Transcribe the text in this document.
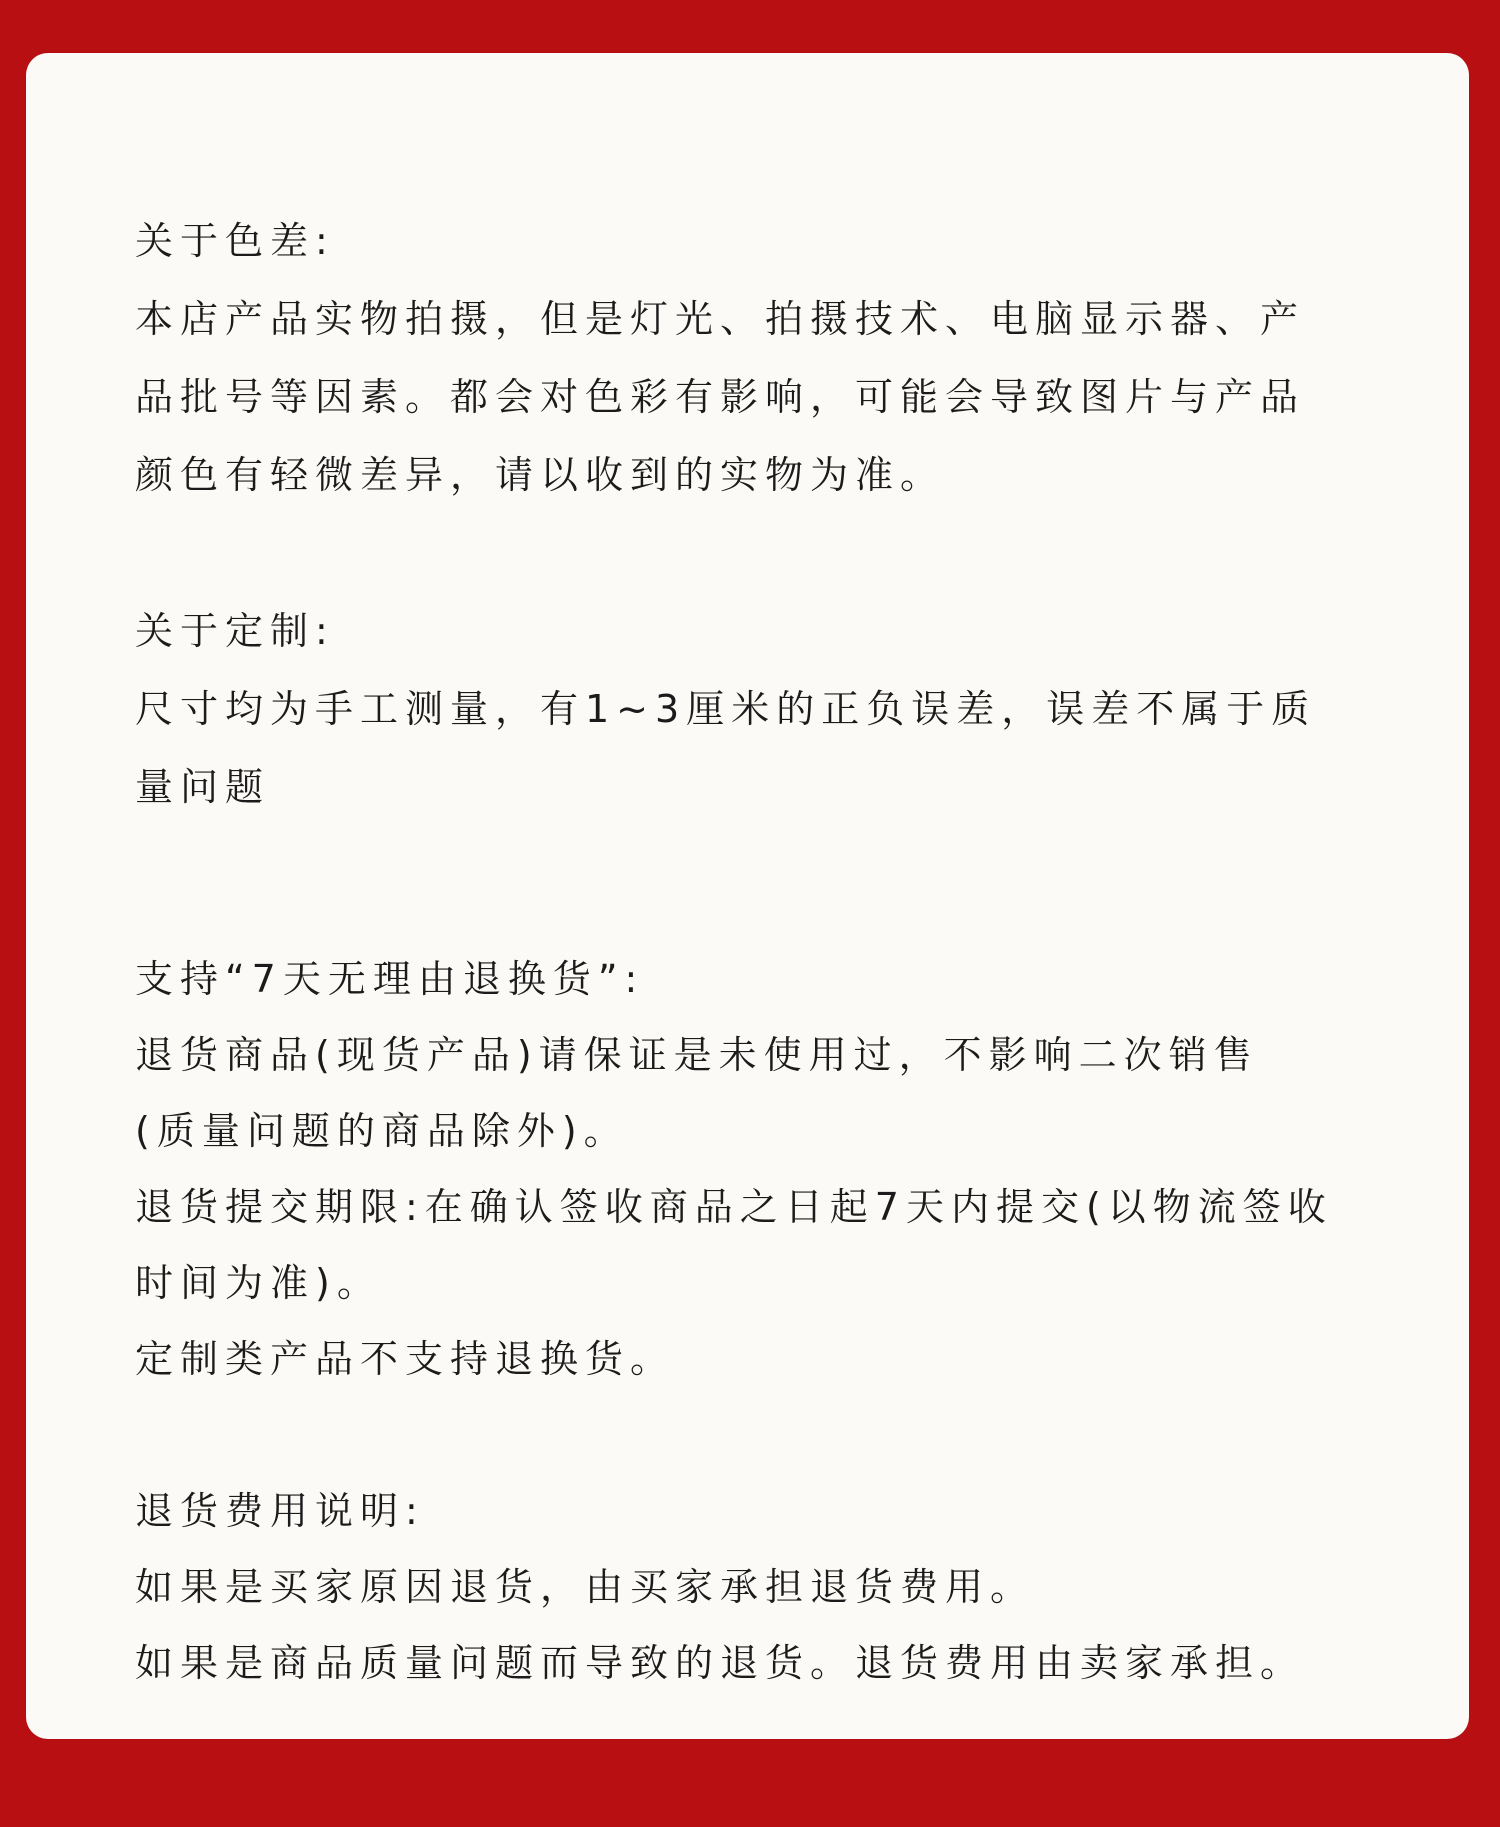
关于色差:
本店产品实物拍摄，但是灯光、拍摄技术、电脑显示器、产
品批号等因素。都会对色彩有影响，可能会导致图片与产品
颜色有轻微差异，请以收到的实物为准。
关于定制:
尺寸均为手工测量，有1~3厘米的正负误差，误差不属于质
量问题
支持“7天无理由退换货”:
退货商品(现货产品)请保证是未使用过，不影响二次销售
(质量问题的商品除外)。
退货提交期限:在确认签收商品之日起7天内提交(以物流签收
时间为准)。
定制类产品不支持退换货。
退货费用说明:
如果是买家原因退货，由买家承担退货费用。
如果是商品质量问题而导致的退货。退货费用由卖家承担。
